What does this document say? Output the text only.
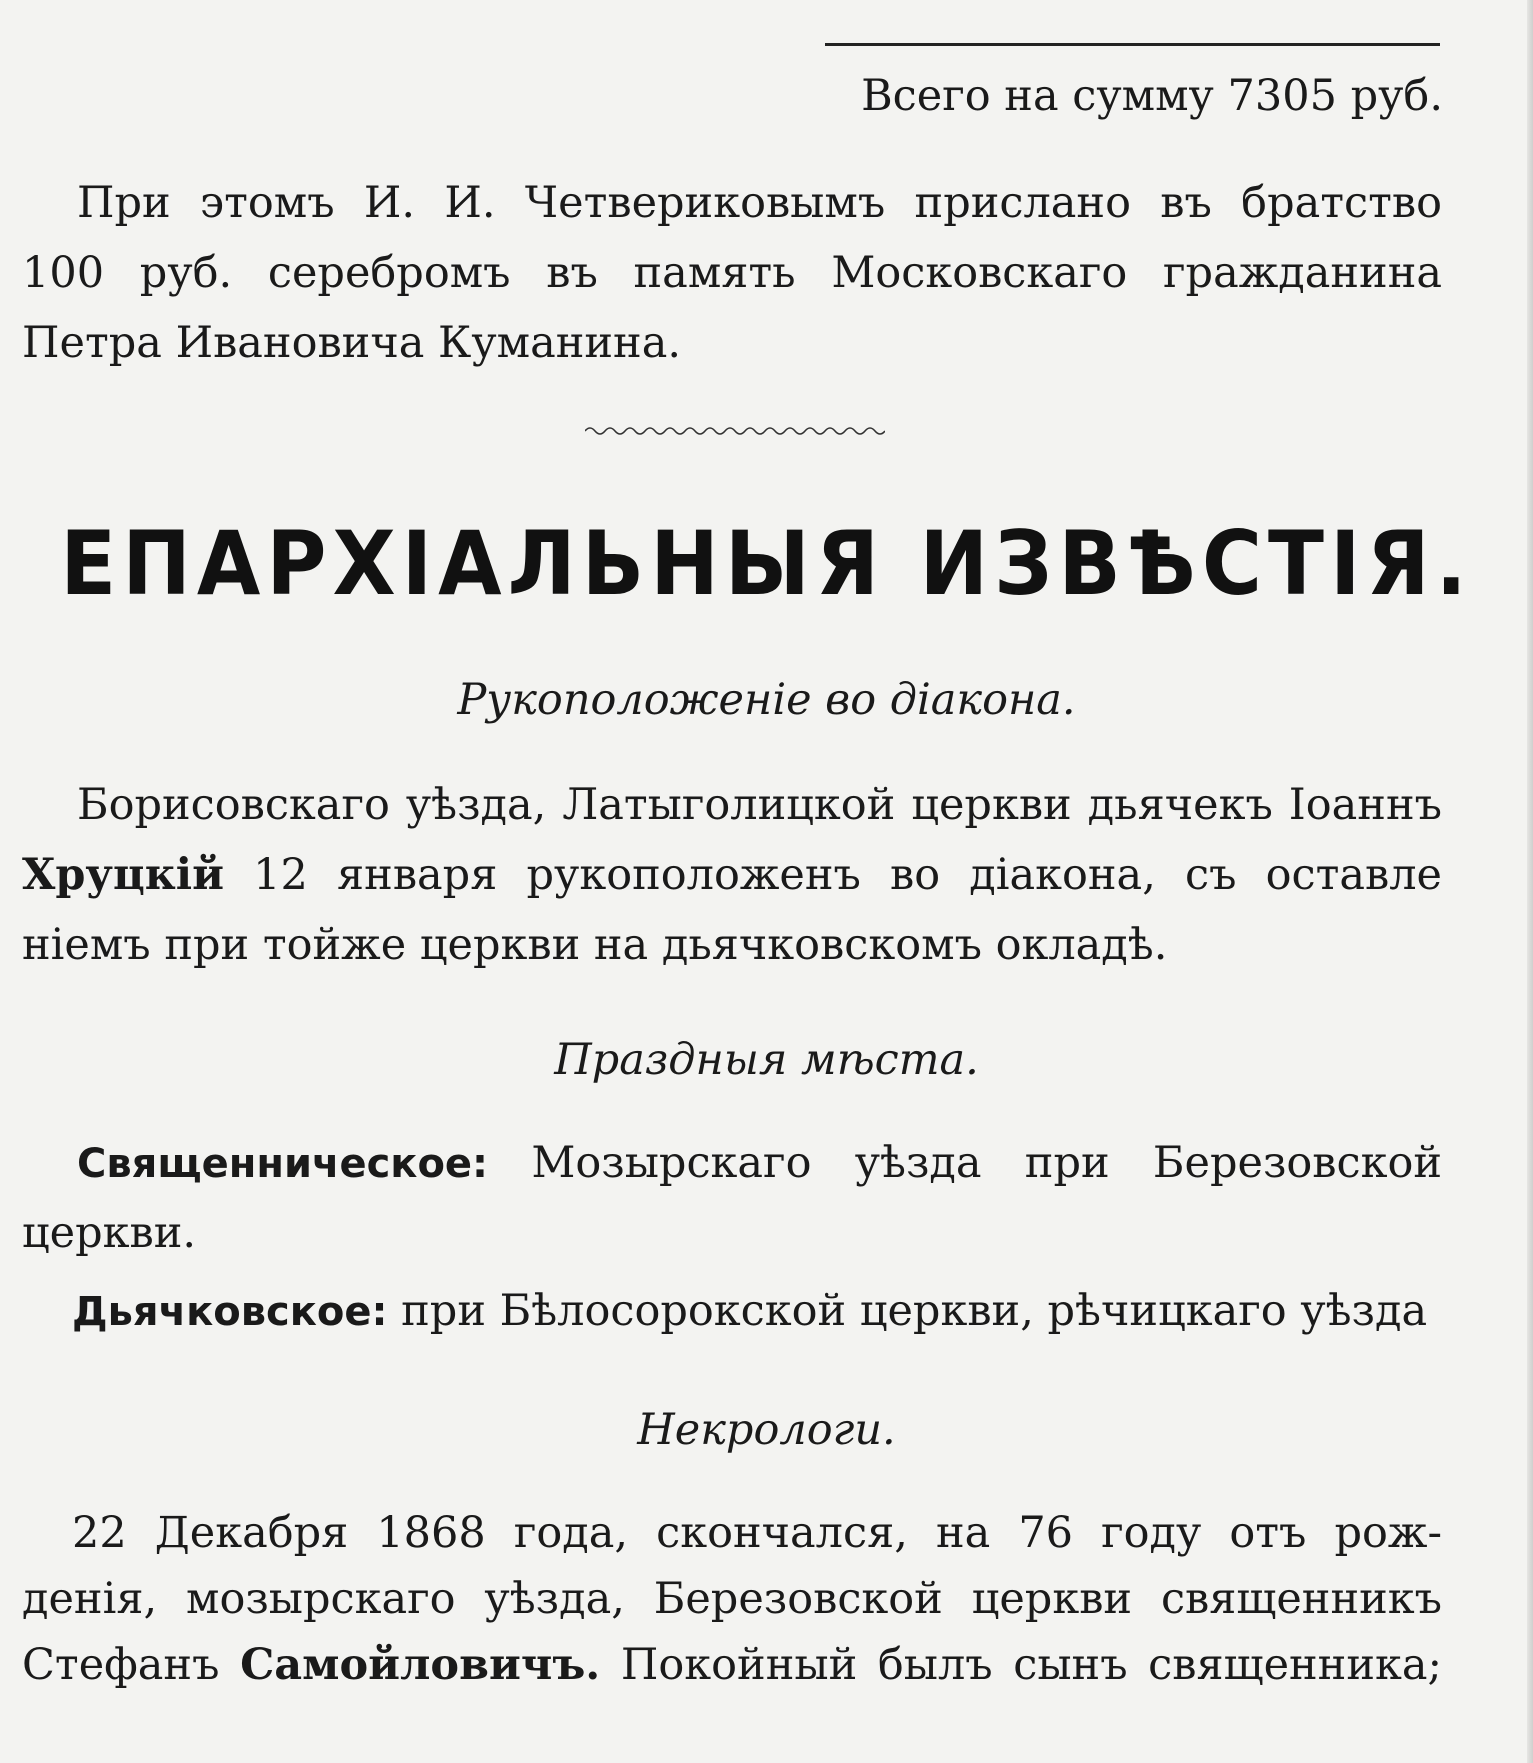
Всего на сумму 7305 руб.
При этомъ И. И. Четвериковымъ прислано въ братство
100 руб. серебромъ въ память Московскаго гражданина
Петра Ивановича Куманина.
ЕПАРХІАЛЬНЫЯ ИЗВѢСТІЯ.
Рукоположеніе во діакона.
Борисовскаго уѣзда, Латыголицкой церкви дьячекъ Іоаннъ
Хруцкій 12 января рукоположенъ во діакона, съ оставле
ніемъ при тойже церкви на дьячковскомъ окладѣ.
Праздныя мѣста.
Священническое: Мозырскаго уѣзда при Березовской
церкви.
Дьячковское: при Бѣлосорокской церкви, рѣчицкаго уѣзда
Некрологи.
22 Декабря 1868 года, скончался, на 76 году отъ рож-
денія, мозырскаго уѣзда, Березовской церкви священникъ
Стефанъ Самойловичъ. Покойный былъ сынъ священника;
